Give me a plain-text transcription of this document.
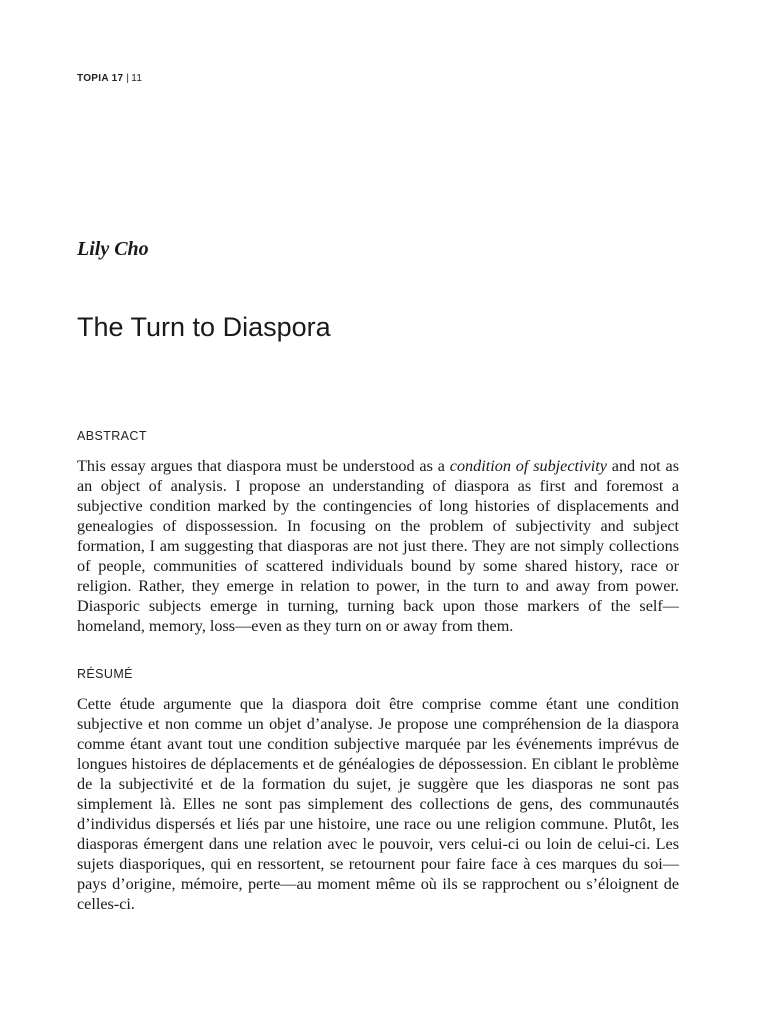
TOPIA 17 | 11
Lily Cho
The Turn to Diaspora
ABSTRACT

This essay argues that diaspora must be understood as a condition of subjectivity and not as an object of analysis. I propose an understanding of diaspora as first and foremost a subjective condition marked by the contingencies of long histories of displacements and genealogies of dispossession. In focusing on the problem of subjectivity and subject formation, I am suggesting that diasporas are not just there. They are not simply collections of people, communities of scattered individuals bound by some shared history, race or religion. Rather, they emerge in relation to power, in the turn to and away from power. Diasporic subjects emerge in turning, turning back upon those markers of the self—homeland, memory, loss—even as they turn on or away from them.

RÉSUMÉ

Cette étude argumente que la diaspora doit être comprise comme étant une condition subjective et non comme un objet d’analyse. Je propose une compréhension de la diaspora comme étant avant tout une condition subjective marquée par les événements imprévus de longues histoires de déplacements et de généalogies de dépossession. En ciblant le problème de la subjectivité et de la formation du sujet, je suggère que les diasporas ne sont pas simplement là. Elles ne sont pas simplement des collections de gens, des communautés d’individus dispersés et liés par une histoire, une race ou une religion commune. Plutôt, les diasporas émergent dans une relation avec le pouvoir, vers celui-ci ou loin de celui-ci. Les sujets diasporiques, qui en ressortent, se retournent pour faire face à ces marques du soi—pays d’origine, mémoire, perte—au moment même où ils se rapprochent ou s’éloignent de celles-ci.
